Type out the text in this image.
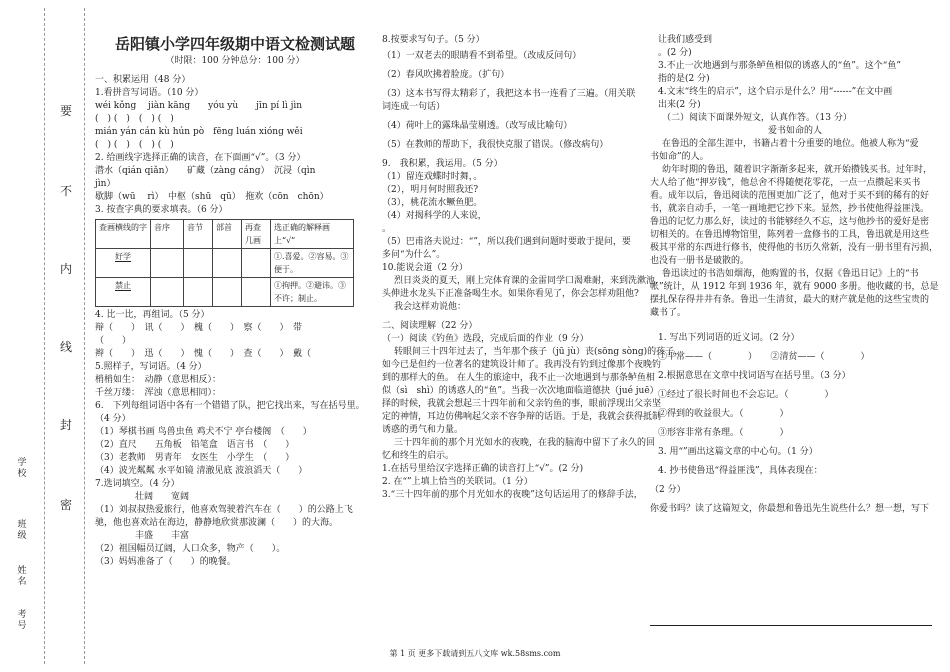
要
不
内
线
封
密
学校
班级
姓名
考号

岳阳镇小学四年级期中语文检测试题

（时限：100 分钟总分：100 分）

一、积累运用（48 分）

1.看拼音写词语。（10 分）

wéi kǒng　 jiàn kāng　　yóu yù　　jīn pí lì jìn

(　) (　)　(　) (　)

mián yán cán kù hún pò　fēng luán xióng wěi

(　) (　)　(　) (　)

2. 给画线字选择正确的读音，在下面画“√”。（3 分）

潜水（qián qiǎn）　　矿藏（zàng cáng）　沉浸（qìn

jìn）

歇脚（wū　 rì）　中枢（shū　qū）　拖欢（cōn　chōn）

3. 按查字典的要求填表。（6 分）

查画横线的字	音序	音节	部首	再查几画	选正确的解释画上“√”
好学					①.喜爱。②容易。③便于。
禁止					①拘押。②避讳。③不许；制止。

4. 比一比，再组词。（5 分）

辩（　　）　讯（　　）　槐（　　）　察（　　）　带

（　　）

辫（　　）　迅（　　）　愧（　　）　查（　　）　戴（

5.照样子，写词语。（4 分）

梢梢如生：　动静（意思相反）：

千丝万缕：　浑浊（意思相同）：

6.　下列每组词语中各有一个错错了队，把它找出来，写在括号里。

（4 分）

（1）琴棋书画 鸟兽虫鱼 鸡犬不宁 亭台楼阁　（　　）

（2）直尺　　五角板　铅笔盒　语言书　（　　）

（3）老教师　男青年　女医生　小学生　（　　）

（4）波光粼粼 水平如镜 清澈见底 波浪滔天（　　）

7.选词填空。（4 分）

壮阔　　宽阔

（1）刘叔叔热爱旅行，他喜欢驾驶着汽车在（　　）的公路上飞

驰，他也喜欢站在海边，静静地欣赏那波澜（　　）的大海。

丰盛　　丰富

（2）祖国幅员辽阔，人口众多，物产（　　）。

（3）妈妈准备了（　　）的晚餐。

8.按要求写句子。（5 分）

（1）一双老去的眼睛看不到希望。（改成反问句）

（2）春风吹拂着脸庞。（扩句）

（3）这本书写得太精彩了，我把这本书一连看了三遍。（用关联

词连成一句话）

（4）荷叶上的露珠晶莹剔透。（改写成比喻句）

（5）在教师的帮助下，我很快克服了错误。（修改病句）

9.　我积累，我运用。（5 分）

（1）留连戏蝶时时舞，。

（2），明月何时照我还?

（3），桃花流水鳜鱼肥。

（4）对揭科学的人来说，

。

（5）巴甫洛夫说过：“”，所以我们遇到问题时要敢于提问，要

多问“为什么”。

10.能说会道（2 分）

烈日炎炎的夏天，刚上完体育课的金雷同学口渴难耐，来到洗漱池，

头伸进水龙头下正准备喝生水。如果你看见了，你会怎样劝阻他?

我会这样劝说他：

二、阅读理解（22 分）

（一）阅读《钓鱼》选段，完成后面的作业（9 分）

转眼间三十四年过去了，当年那个孩子（jū jù）丧(sōng sòng)的孩子，

如今已是但约一位著名的建筑设计师了。我再没有钓到过像那个夜晚钓

到的那样大的鱼。 在人生的旅途中，我不止一次地遇到与那条鲈鱼相

似（sì　shì）的诱惑人的“鱼”。当我一次次地面临道德抉（jué juē）

择的时候，我就会想起三十四年前和父亲钓鱼的事，眼前浮现出父亲坚

定的神情，耳边仿佛响起父亲不容争辩的话语。于是，我就会获得抵制

诱惑的勇气和力量。

三十四年前的那个月光如水的夜晚，在我的脑海中留下了永久的回

忆和终生的启示。

1.在括号里给汉字选择正确的读音打上“√”。(2 分)

2. 在“”上填上恰当的关联词。（1 分）

3.“三十四年前的那个月光如水的夜晚”这句话运用了的修辞手法，

让我们感受到

。(2 分)

3.不止一次地遇到与那条鲈鱼相似的诱惑人的“鱼”。这个“鱼”

指的是(2 分)

4.文末“终生的启示”，这个启示是什么？用“------”在文中画

出来(2 分)

（二）阅读下面课外短文，认真作答。（13 分）

爱书如命的人

在鲁迅的全部生涯中，书籍占着十分重要的地位。他被人称为“爱

书如命”的人。

幼年时期的鲁迅，随着识字渐渐多起来，就开始攒钱买书。过年时，

大人给了他“押岁钱”，他总舍不得随便花零花，一点一点攒起来买书

看。成年以后，鲁迅阅读的范围更加广泛了，他对于买不到的稀有的好

书，就亲自动手，一笔一画地把它抄下来。显然，抄书使他得益匪浅。

鲁迅的记忆力那么好，读过的书能够经久不忘，这与他抄书的爱好是密

切相关的。在鲁迅博物馆里，陈列着一盒修书的工具，鲁迅就是用这些

极其平常的东西进行修书，使得他的书历久常新，没有一册书里有污损，

也没有一册书是破散的。

鲁迅读过的书浩如烟海，他购置的书，仅据《鲁迅日记》上的“书

帐”统计，从 1912 年到 1936 年，就有 9000 多册。他收藏的书，总是

摆扎保存得井井有条。鲁迅一生清贫，最大的财产就是他的这些宝贵的

藏书了。

1. 写出下列词语的近义词。（2 分）

①平常——（　　　　）　　②清贫——（　　　　）

2.根据意思在文章中找词语写在括号里。（3 分）

①经过了很长时间也不会忘记。（　　　　）

②得到的收益很大。（　　　　）

③形容非常有条理。（　　　　）

3. 用“”画出这篇文章的中心句。（1 分）

4. 抄书使鲁迅“得益匪浅”，具体表现在：

（2 分）

你爱书吗？读了这篇短文，你最想和鲁迅先生说些什么？想一想，写下

第 1 页 更多下载请到五八文库 wk.58sms.com
